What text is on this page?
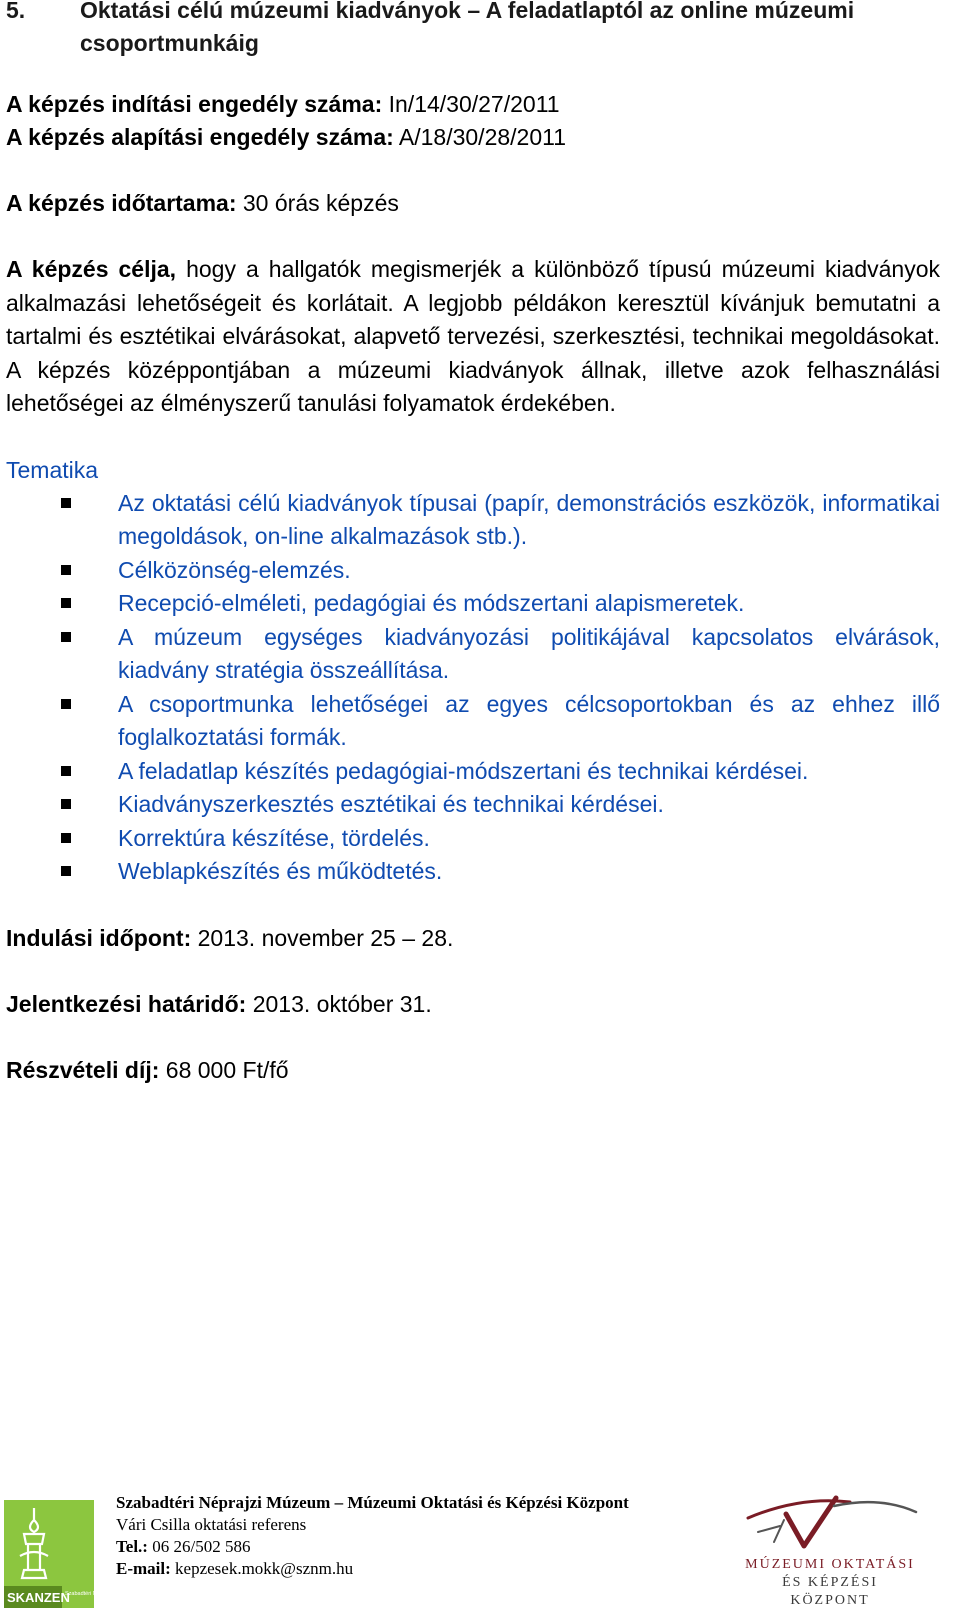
5.	Oktatási célú múzeumi kiadványok – A feladatlaptól az online múzeumi csoportmunkáig
A képzés indítási engedély száma: In/14/30/27/2011
A képzés alapítási engedély száma: A/18/30/28/2011
A képzés időtartama: 30 órás képzés
A képzés célja, hogy a hallgatók megismerjék a különböző típusú múzeumi kiadványok alkalmazási lehetőségeit és korlátait. A legjobb példákon keresztül kívánjuk bemutatni a tartalmi és esztétikai elvárásokat, alapvető tervezési, szerkesztési, technikai megoldásokat. A képzés középpontjában a múzeumi kiadványok állnak, illetve azok felhasználási lehetőségei az élményszerű tanulási folyamatok érdekében.
Tematika
Az oktatási célú kiadványok típusai (papír, demonstrációs eszközök, informatikai megoldások, on-line alkalmazások stb.).
Célközönség-elemzés.
Recepció-elméleti, pedagógiai és módszertani alapismeretek.
A múzeum egységes kiadványozási politikájával kapcsolatos elvárások, kiadvány stratégia összeállítása.
A csoportmunka lehetőségei az egyes célcsoportokban és az ehhez illő foglalkoztatási formák.
A feladatlap készítés pedagógiai-módszertani és technikai kérdései.
Kiadványszerkesztés esztétikai és technikai kérdései.
Korrektúra készítése, tördelés.
Weblapkészítés és működtetés.
Indulási időpont: 2013. november 25 – 28.
Jelentkezési határidő: 2013. október 31.
Részvételi díj: 68 000 Ft/fő
SKANZEN
Szabadtéri Néprajzi Múzeum
Szabadtéri Néprajzi Múzeum – Múzeumi Oktatási és Képzési Központ
Vári Csilla oktatási referens
Tel.: 06 26/502 586
E-mail: kepzesek.mokk@sznm.hu	MÚZEUMI OKTATÁSI
ÉS KÉPZÉSI KÖZPONT
